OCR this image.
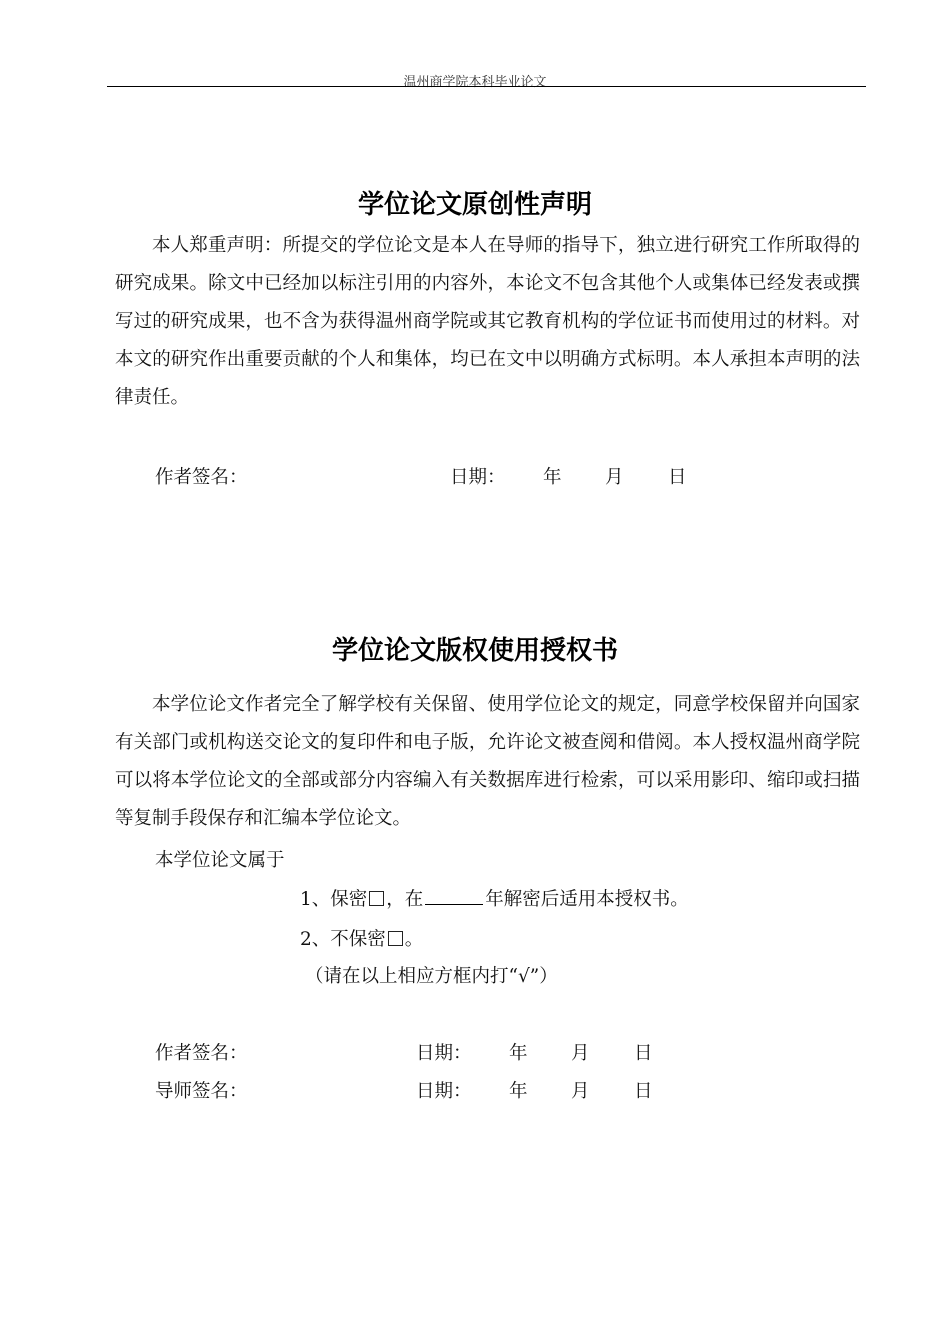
温州商学院本科毕业论文
学位论文原创性声明
本人郑重声明：所提交的学位论文是本人在导师的指导下，独立进行研究工作所取得的研究成果。除文中已经加以标注引用的内容外，本论文不包含其他个人或集体已经发表或撰写过的研究成果，也不含为获得温州商学院或其它教育机构的学位证书而使用过的材料。对本文的研究作出重要贡献的个人和集体，均已在文中以明确方式标明。本人承担本声明的法律责任。
作者签名：	日期： 年 月 日
学位论文版权使用授权书
本学位论文作者完全了解学校有关保留、使用学位论文的规定，同意学校保留并向国家有关部门或机构送交论文的复印件和电子版，允许论文被查阅和借阅。本人授权温州商学院可以将本学位论文的全部或部分内容编入有关数据库进行检索，可以采用影印、缩印或扫描等复制手段保存和汇编本学位论文。
本学位论文属于
1、保密 ，在	年解密后适用本授权书。
2、不保密 。
（请在以上相应方框内打“√”）
作者签名：	日期： 年 月 日
导师签名：	日期： 年 月 日
